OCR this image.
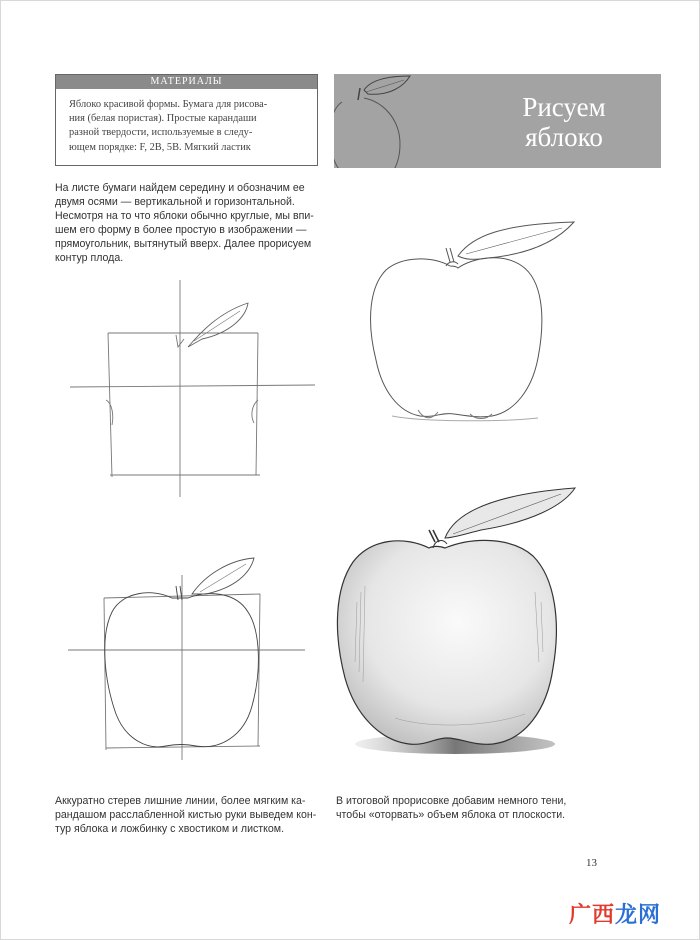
МАТЕРИАЛЫ
Яблоко красивой формы. Бумага для рисова-
ния (белая пористая). Простые карандаши
разной твердости, используемые в следу-
ющем порядке: F, 2B, 5B. Мягкий ластик
Рисуем
яблоко
На листе бумаги найдем середину и обозначим ее
двумя осями — вертикальной и горизонтальной.
Несмотря на то что яблоки обычно круглые, мы впи-
шем его форму в более простую в изображении —
прямоугольник, вытянутый вверх. Далее прорисуем
контур плода.
Аккуратно стерев лишние линии, более мягким ка-
рандашом расслабленной кистью руки выведем кон-
тур яблока и ложбинку с хвостиком и листком.
В итоговой прорисовке добавим немного тени,
чтобы «оторвать» объем яблока от плоскости.
13
广西龙网
